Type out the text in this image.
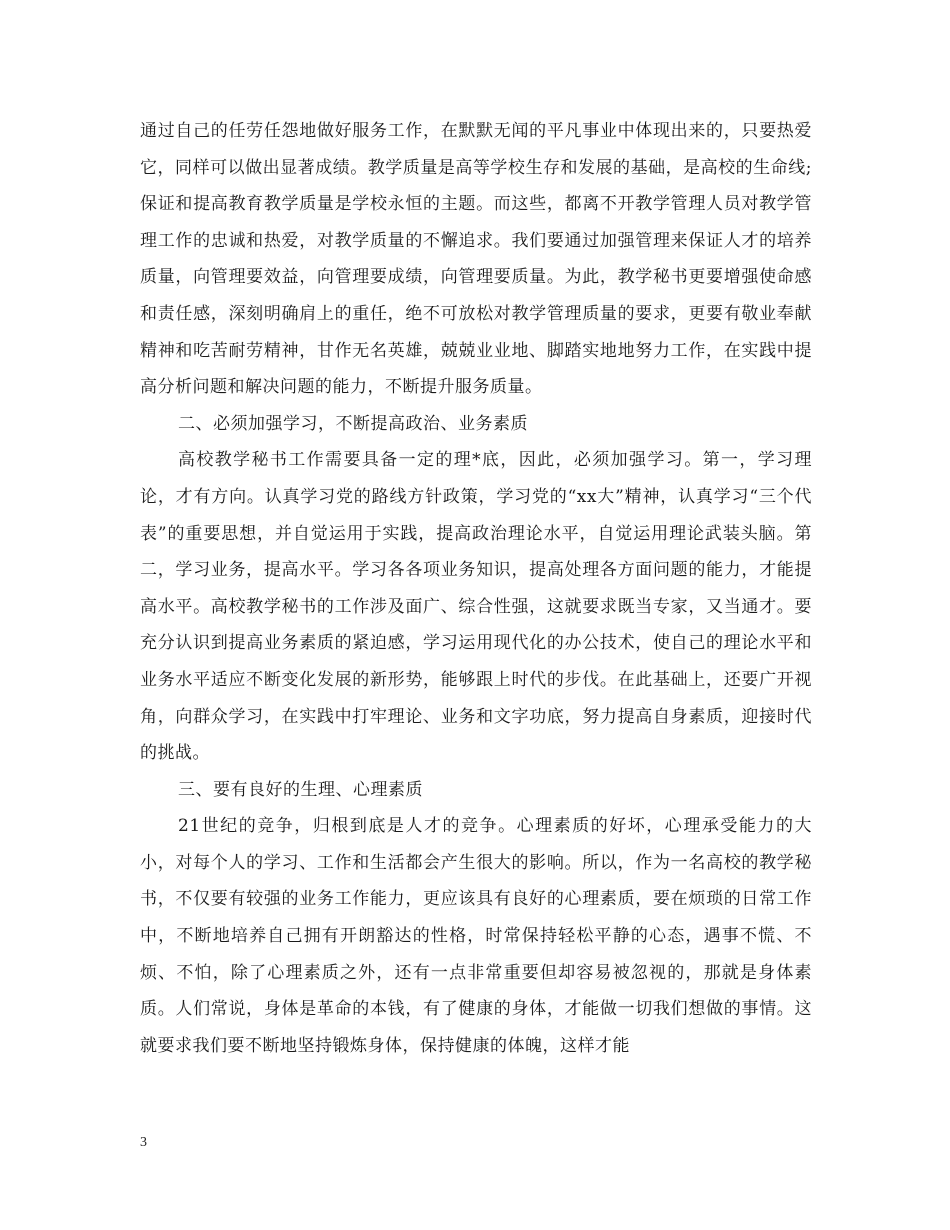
通过自己的任劳任怨地做好服务工作，在默默无闻的平凡事业中体现出来的，只要热爱它，同样可以做出显著成绩。教学质量是高等学校生存和发展的基础，是高校的生命线;保证和提高教育教学质量是学校永恒的主题。而这些，都离不开教学管理人员对教学管理工作的忠诚和热爱，对教学质量的不懈追求。我们要通过加强管理来保证人才的培养质量，向管理要效益，向管理要成绩，向管理要质量。为此，教学秘书更要增强使命感和责任感，深刻明确肩上的重任，绝不可放松对教学管理质量的要求，更要有敬业奉献精神和吃苦耐劳精神，甘作无名英雄，兢兢业业地、脚踏实地地努力工作，在实践中提高分析问题和解决问题的能力，不断提升服务质量。

二、必须加强学习，不断提高政治、业务素质

高校教学秘书工作需要具备一定的理*底，因此，必须加强学习。第一，学习理论，才有方向。认真学习党的路线方针政策，学习党的“xx大”精神，认真学习“三个代表”的重要思想，并自觉运用于实践，提高政治理论水平，自觉运用理论武装头脑。第二，学习业务，提高水平。学习各各项业务知识，提高处理各方面问题的能力，才能提高水平。高校教学秘书的工作涉及面广、综合性强，这就要求既当专家，又当通才。要充分认识到提高业务素质的紧迫感，学习运用现代化的办公技术，使自己的理论水平和业务水平适应不断变化发展的新形势，能够跟上时代的步伐。在此基础上，还要广开视角，向群众学习，在实践中打牢理论、业务和文字功底，努力提高自身素质，迎接时代的挑战。

三、要有良好的生理、心理素质

21世纪的竞争，归根到底是人才的竞争。心理素质的好坏，心理承受能力的大小，对每个人的学习、工作和生活都会产生很大的影响。所以，作为一名高校的教学秘书，不仅要有较强的业务工作能力，更应该具有良好的心理素质，要在烦琐的日常工作中，不断地培养自己拥有开朗豁达的性格，时常保持轻松平静的心态，遇事不慌、不烦、不怕，除了心理素质之外，还有一点非常重要但却容易被忽视的，那就是身体素质。人们常说，身体是革命的本钱，有了健康的身体，才能做一切我们想做的事情。这就要求我们要不断地坚持锻炼身体，保持健康的体魄，这样才能

3
